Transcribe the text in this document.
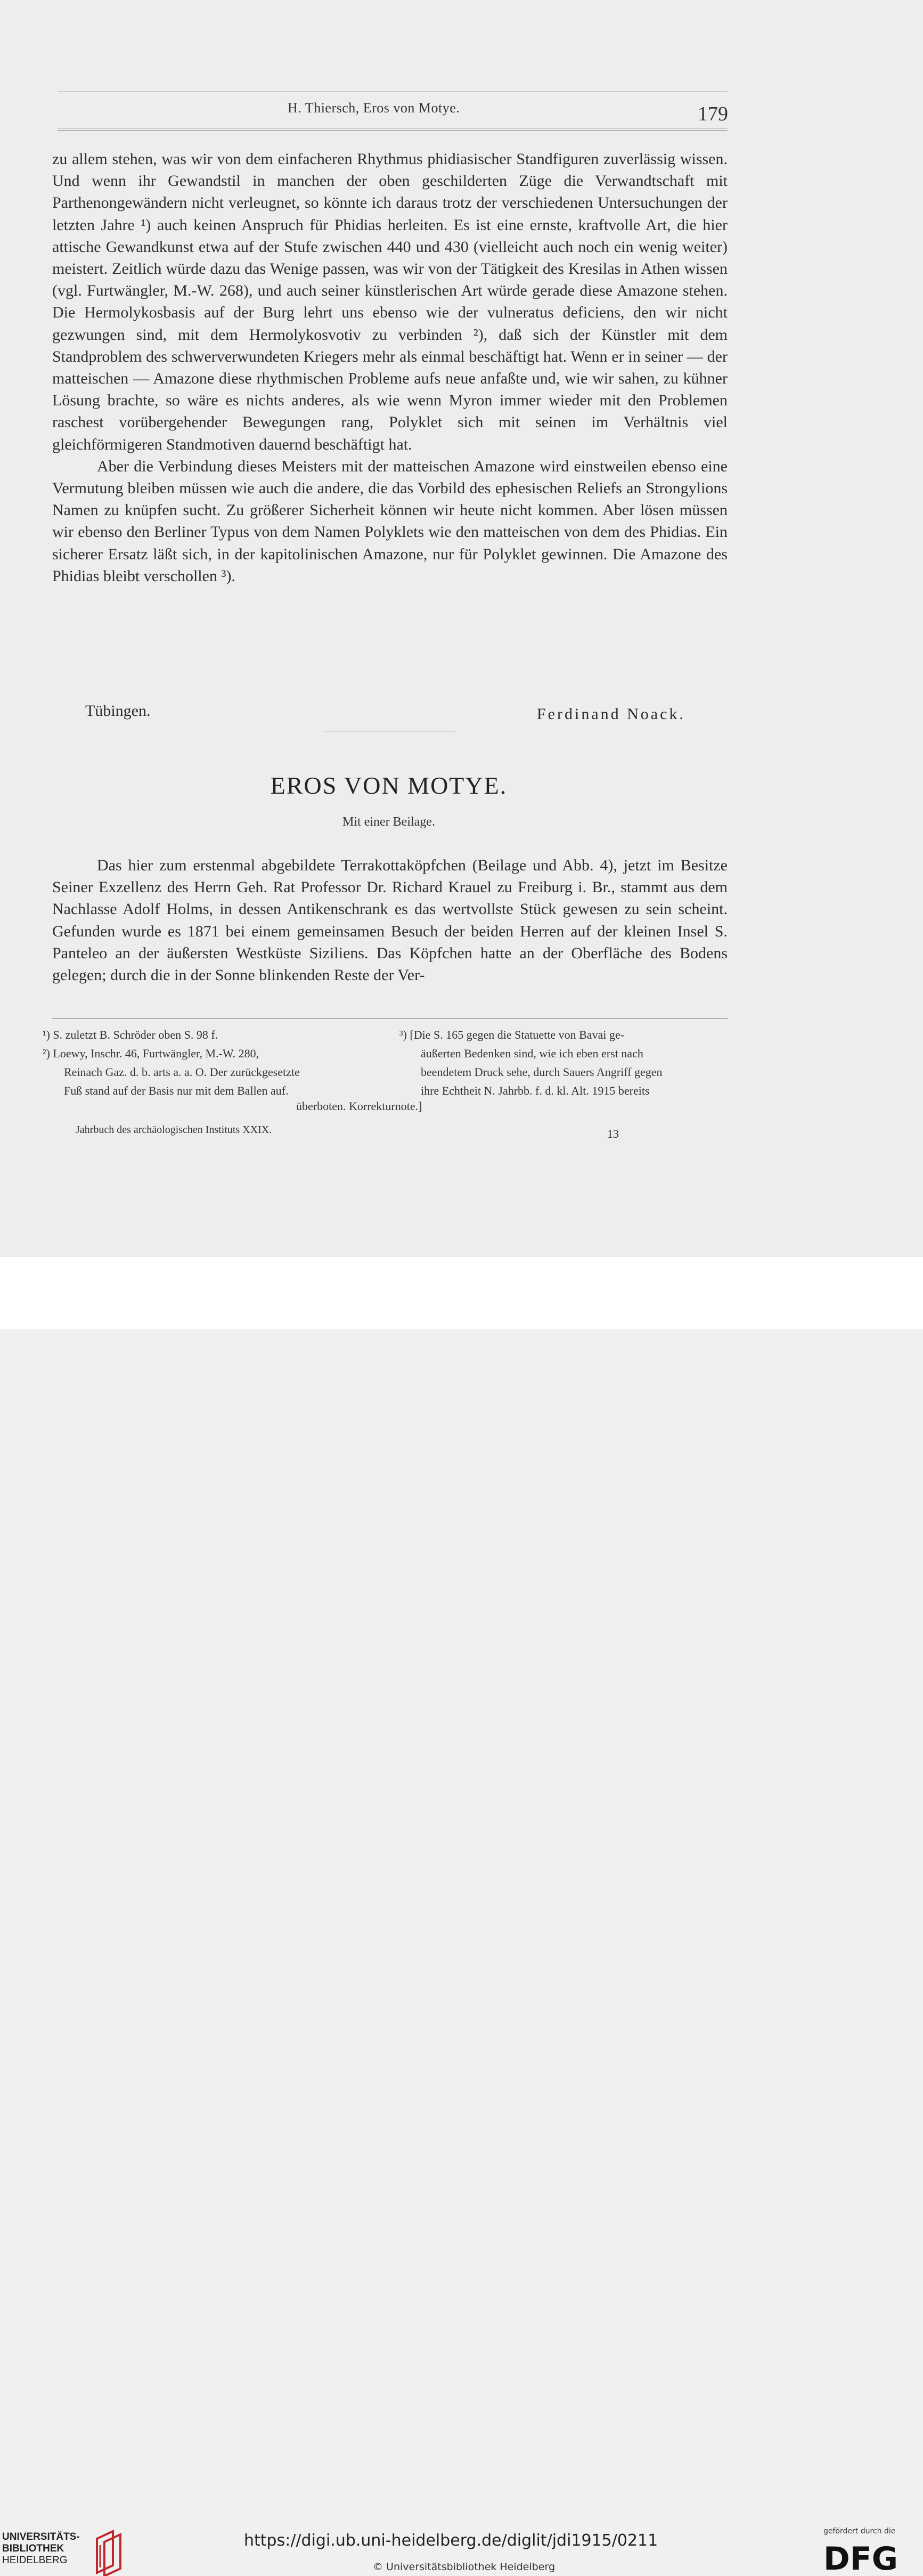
H. Thiersch, Eros von Motye.	179

zu allem stehen, was wir von dem einfacheren Rhythmus phidiasischer Standfiguren zuverlässig wissen. Und wenn ihr Gewandstil in manchen der oben geschilderten Züge die Verwandtschaft mit Parthenongewändern nicht verleugnet, so könnte ich daraus trotz der verschiedenen Untersuchungen der letzten Jahre ¹) auch keinen Anspruch für Phidias herleiten. Es ist eine ernste, kraftvolle Art, die hier attische Gewandkunst etwa auf der Stufe zwischen 440 und 430 (vielleicht auch noch ein wenig weiter) meistert. Zeitlich würde dazu das Wenige passen, was wir von der Tätigkeit des Kresilas in Athen wissen (vgl. Furtwängler, M.-W. 268), und auch seiner künstlerischen Art würde gerade diese Amazone stehen. Die Hermolykosbasis auf der Burg lehrt uns ebenso wie der vulneratus deficiens, den wir nicht gezwungen sind, mit dem Hermolykosvotiv zu verbinden ²), daß sich der Künstler mit dem Standproblem des schwerverwundeten Kriegers mehr als einmal beschäftigt hat. Wenn er in seiner — der matteischen — Amazone diese rhythmischen Probleme aufs neue anfaßte und, wie wir sahen, zu kühner Lösung brachte, so wäre es nichts anderes, als wie wenn Myron immer wieder mit den Problemen raschest vorübergehender Bewegungen rang, Polyklet sich mit seinen im Verhältnis viel gleichförmigeren Standmotiven dauernd beschäftigt hat.

Aber die Verbindung dieses Meisters mit der matteischen Amazone wird einstweilen ebenso eine Vermutung bleiben müssen wie auch die andere, die das Vorbild des ephesischen Reliefs an Strongylions Namen zu knüpfen sucht. Zu größerer Sicherheit können wir heute nicht kommen. Aber lösen müssen wir ebenso den Berliner Typus von dem Namen Polyklets wie den matteischen von dem des Phidias. Ein sicherer Ersatz läßt sich, in der kapitolinischen Amazone, nur für Polyklet gewinnen. Die Amazone des Phidias bleibt verschollen ³).

Tübingen.	Ferdinand Noack.
EROS VON MOTYE.
Mit einer Beilage.

Das hier zum erstenmal abgebildete Terrakottaköpfchen (Beilage und Abb. 4), jetzt im Besitze Seiner Exzellenz des Herrn Geh. Rat Professor Dr. Richard Krauel zu Freiburg i. Br., stammt aus dem Nachlasse Adolf Holms, in dessen Antikenschrank es das wertvollste Stück gewesen zu sein scheint. Gefunden wurde es 1871 bei einem gemeinsamen Besuch der beiden Herren auf der kleinen Insel S. Panteleo an der äußersten Westküste Siziliens. Das Köpfchen hatte an der Oberfläche des Bodens gelegen; durch die in der Sonne blinkenden Reste der Ver-

¹) S. zuletzt B. Schröder oben S. 98 f.
²) Loewy, Inschr. 46, Furtwängler, M.-W. 280,
Reinach Gaz. d. b. arts a. a. O. Der zurückgesetzte
Fuß stand auf der Basis nur mit dem Ballen auf.
³) [Die S. 165 gegen die Statuette von Bavai ge-
äußerten Bedenken sind, wie ich eben erst nach
beendetem Druck sehe, durch Sauers Angriff gegen
ihre Echtheit N. Jahrbb. f. d. kl. Alt. 1915 bereits
überboten. Korrekturnote.]
Jahrbuch des archäologischen Instituts XXIX.	13
UNIVERSITÄTS-
BIBLIOTHEK
HEIDELBERG
https://digi.ub.uni-heidelberg.de/diglit/jdi1915/0211
© Universitätsbibliothek Heidelberg
gefördert durch die
DFG
